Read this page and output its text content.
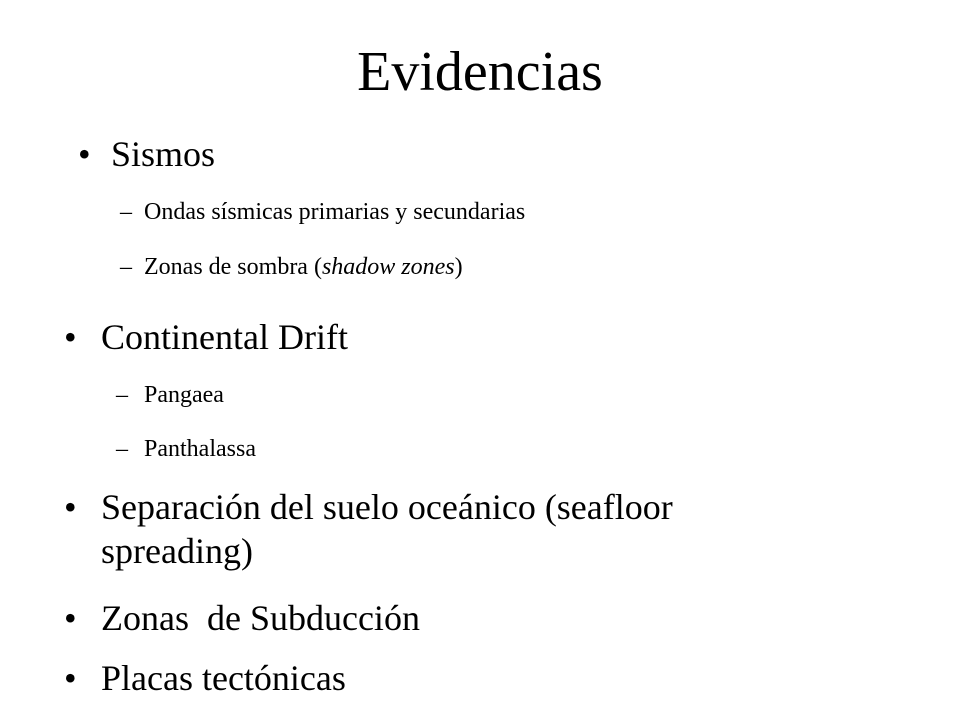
Evidencias
• Sismos
– Ondas sísmicas primarias y secundarias
– Zonas de sombra (shadow zones)
• Continental Drift
– Pangaea
– Panthalassa
• Separación del suelo oceánico (seafloor
spreading)
• Zonas  de Subducción
• Placas tectónicas
